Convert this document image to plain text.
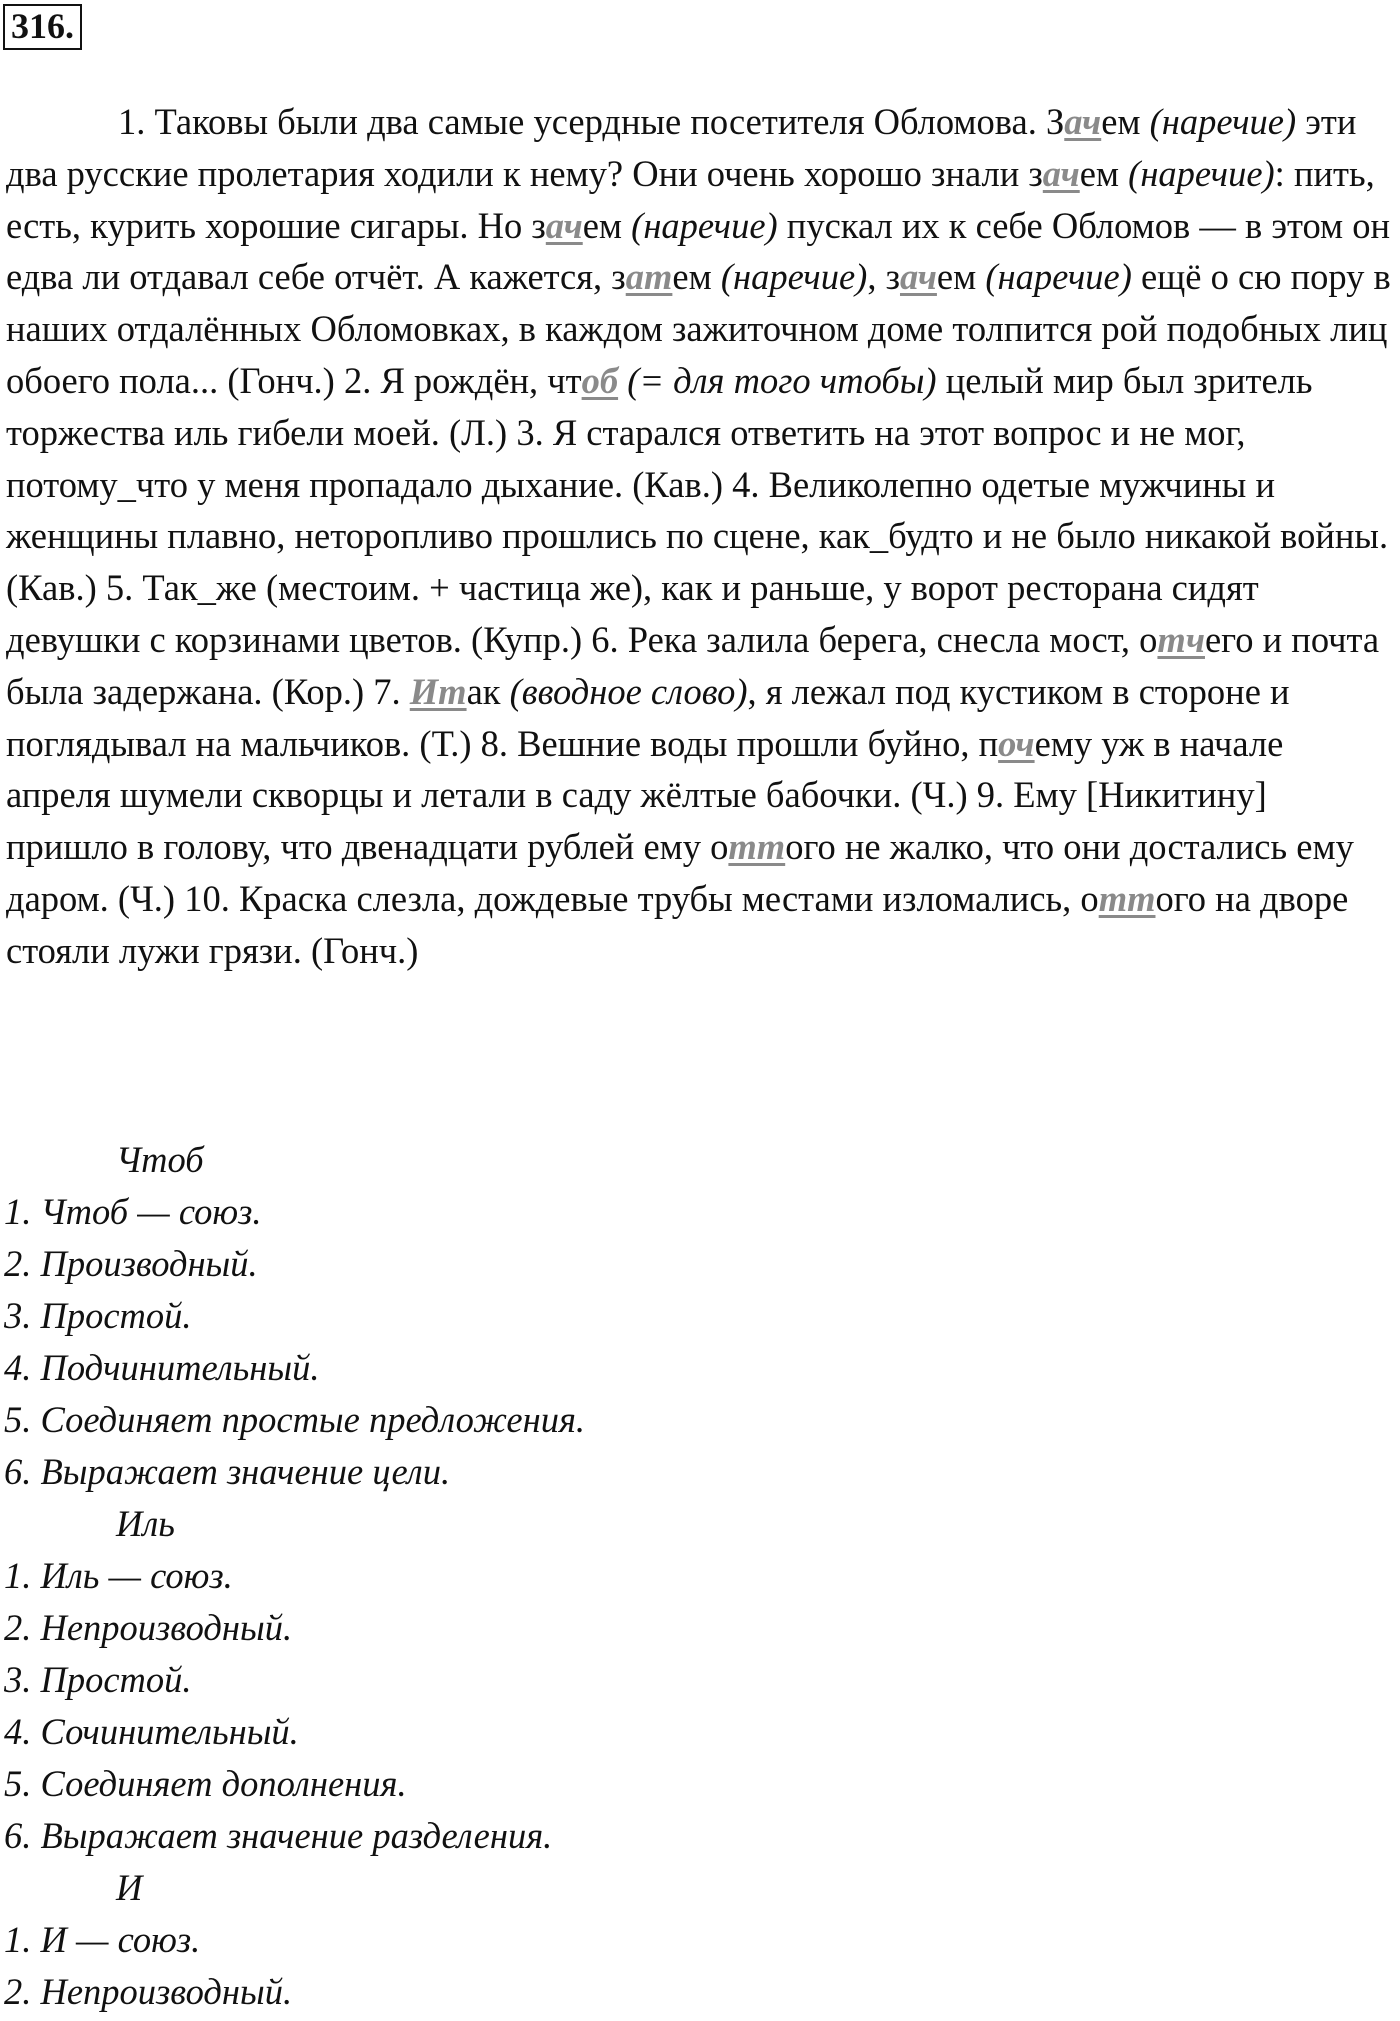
316.
1. Таковы были два самые усердные посетителя Обломова. Зачем (наречие) эти два русские пролетария ходили к нему? Они очень хорошо знали зачем (наречие): пить, есть, курить хорошие сигары. Но зачем (наречие) пускал их к себе Обломов — в этом он едва ли отдавал себе отчёт. А кажется, затем (наречие), зачем (наречие) ещё о сю пору в наших отдалённых Обломовках, в каждом зажиточном доме толпится рой подобных лиц обоего пола... (Гонч.) 2. Я рождён, чтоб (= для того чтобы) целый мир был зритель торжества иль гибели моей. (Л.) 3. Я старался ответить на этот вопрос и не мог, потому_что у меня пропадало дыхание. (Кав.) 4. Великолепно одетые мужчины и женщины плавно, неторопливо прошлись по сцене, как_будто и не было никакой войны. (Кав.) 5. Так_же (местоим. + частица же), как и раньше, у ворот ресторана сидят девушки с корзинами цветов. (Купр.) 6. Река залила берега, снесла мост, отчего и почта была задержана. (Кор.) 7. Итак (вводное слово), я лежал под кустиком в стороне и поглядывал на мальчиков. (Т.) 8. Вешние воды прошли буйно, почему уж в начале апреля шумели скворцы и летали в саду жёлтые бабочки. (Ч.) 9. Ему [Никитину] пришло в голову, что двенадцати рублей ему оттого не жалко, что они достались ему даром. (Ч.) 10. Краска слезла, дождевые трубы местами изломались, оттого на дворе стояли лужи грязи. (Гонч.)
Чтоб
1. Чтоб — союз.
2. Производный.
3. Простой.
4. Подчинительный.
5. Соединяет простые предложения.
6. Выражает значение цели.
Иль
1. Иль — союз.
2. Непроизводный.
3. Простой.
4. Сочинительный.
5. Соединяет дополнения.
6. Выражает значение разделения.
И
1. И — союз.
2. Непроизводный.
